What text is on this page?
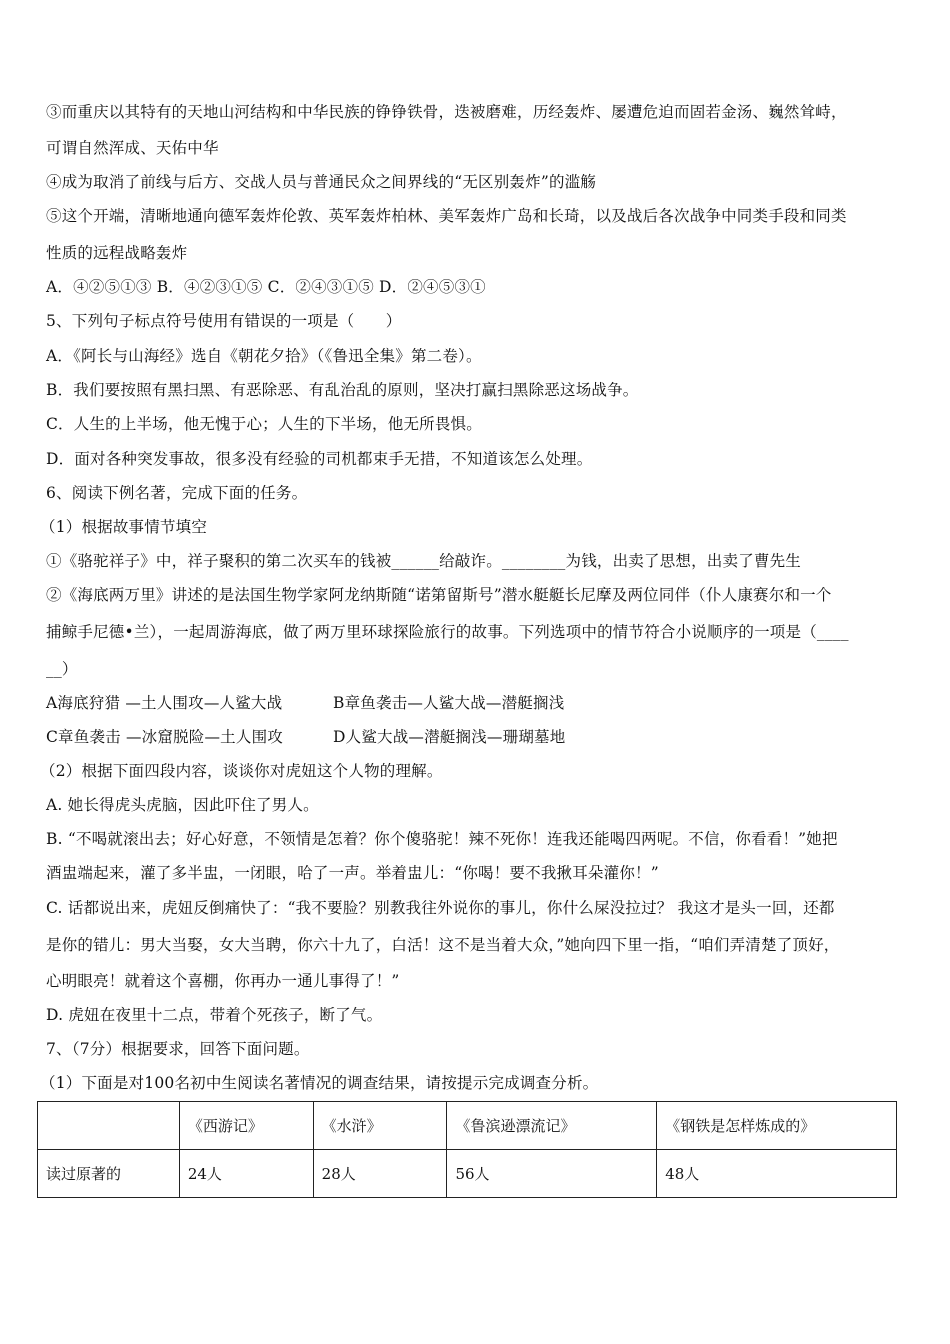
③而重庆以其特有的天地山河结构和中华民族的铮铮铁骨，迭被磨难，历经轰炸、屡遭危迫而固若金汤、巍然耸峙，
可谓自然浑成、天佑中华
④成为取消了前线与后方、交战人员与普通民众之间界线的“无区别轰炸”的滥觞
⑤这个开端，清晰地通向德军轰炸伦敦、英军轰炸柏林、美军轰炸广岛和长琦，以及战后各次战争中同类手段和同类
性质的远程战略轰炸
A．④②⑤①③ B．④②③①⑤ C．②④③①⑤ D．②④⑤③①
5、下列句子标点符号使用有错误的一项是（　　）
A．《阿长与山海经》选自《朝花夕拾》（《鲁迅全集》第二卷）。
B．我们要按照有黑扫黑、有恶除恶、有乱治乱的原则，坚决打赢扫黑除恶这场战争。
C．人生的上半场，他无愧于心；人生的下半场，他无所畏惧。
D．面对各种突发事故，很多没有经验的司机都束手无措，不知道该怎么处理。
6、阅读下例名著，完成下面的任务。
（1）根据故事情节填空
①《骆驼祥子》中，祥子聚积的第二次买车的钱被______给敲诈。________为钱，出卖了思想，出卖了曹先生
②《海底两万里》讲述的是法国生物学家阿龙纳斯随“诺第留斯号”潜水艇艇长尼摩及两位同伴（仆人康赛尔和一个
捕鲸手尼德•兰），一起周游海底，做了两万里环球探险旅行的故事。下列选项中的情节符合小说顺序的一项是（____
__）
A海底狩猎 —土人围攻—人鲨大战	B章鱼袭击—人鲨大战—潜艇搁浅
C章鱼袭击 —冰窟脱险—土人围攻	D人鲨大战—潜艇搁浅—珊瑚墓地
（2）根据下面四段内容，谈谈你对虎妞这个人物的理解。
A. 她长得虎头虎脑，因此吓住了男人。
B. “不喝就滚出去；好心好意，不领情是怎着？你个傻骆驼！辣不死你！连我还能喝四两呢。不信，你看看！”她把
酒盅端起来，灌了多半盅，一闭眼，哈了一声。举着盅儿：“你喝！要不我揪耳朵灌你！”
C. 话都说出来，虎妞反倒痛快了：“我不要脸？别教我往外说你的事儿，你什么屎没拉过？ 我这才是头一回，还都
是你的错儿：男大当娶，女大当聘，你六十九了，白活！这不是当着大众，”她向四下里一指，“咱们弄清楚了顶好，
心明眼亮！就着这个喜棚，你再办一通儿事得了！”
D. 虎妞在夜里十二点，带着个死孩子，断了气。
7、（7分）根据要求，回答下面问题。
（1）下面是对100名初中生阅读名著情况的调查结果，请按提示完成调查分析。
	《西游记》	《水浒》	《鲁滨逊漂流记》	《钢铁是怎样炼成的》
读过原著的	24人	28人	56人	48人
